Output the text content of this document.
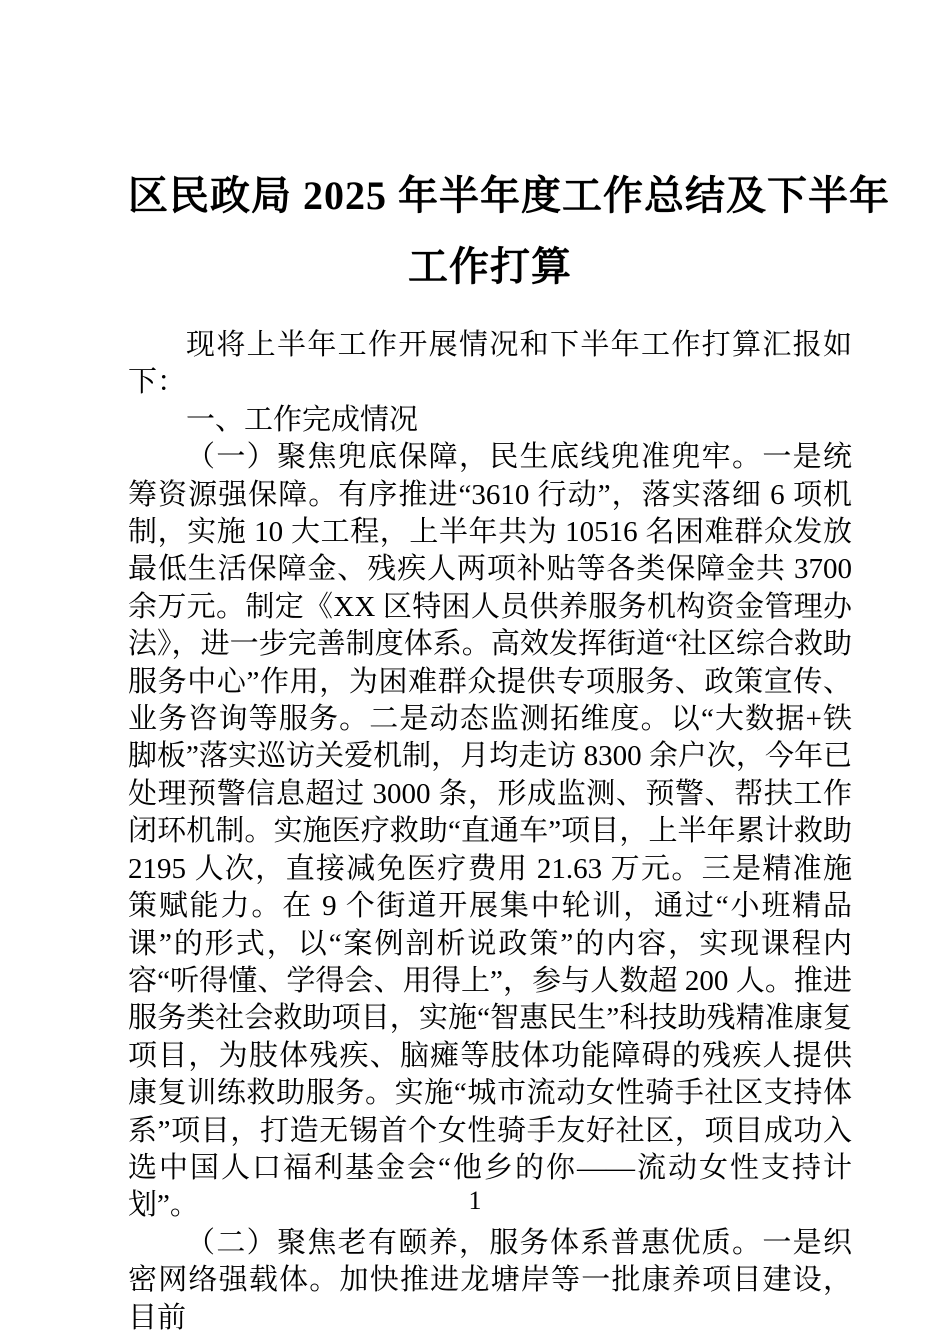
区民政局 2025 年半年度工作总结及下半年
工作打算

现将上半年工作开展情况和下半年工作打算汇报如下：

一、工作完成情况

（一）聚焦兜底保障，民生底线兜准兜牢。一是统筹资源强保障。有序推进“3610 行动”，落实落细 6 项机制，实施 10 大工程，上半年共为 10516 名困难群众发放最低生活保障金、残疾人两项补贴等各类保障金共 3700 余万元。制定《XX 区特困人员供养服务机构资金管理办法》，进一步完善制度体系。高效发挥街道“社区综合救助服务中心”作用，为困难群众提供专项服务、政策宣传、业务咨询等服务。二是动态监测拓维度。以“大数据+铁脚板”落实巡访关爱机制，月均走访 8300 余户次，今年已处理预警信息超过 3000 条，形成监测、预警、帮扶工作闭环机制。实施医疗救助“直通车”项目，上半年累计救助 2195 人次，直接减免医疗费用 21.63 万元。三是精准施策赋能力。在 9 个街道开展集中轮训，通过“小班精品课”的形式，以“案例剖析说政策”的内容，实现课程内容“听得懂、学得会、用得上”，参与人数超 200 人。推进服务类社会救助项目，实施“智惠民生”科技助残精准康复项目，为肢体残疾、脑瘫等肢体功能障碍的残疾人提供康复训练救助服务。实施“城市流动女性骑手社区支持体系”项目，打造无锡首个女性骑手友好社区，项目成功入选中国人口福利基金会“他乡的你——流动女性支持计划”。

（二）聚焦老有颐养，服务体系普惠优质。一是织密网络强载体。加快推进龙塘岸等一批康养项目建设，目前

1
